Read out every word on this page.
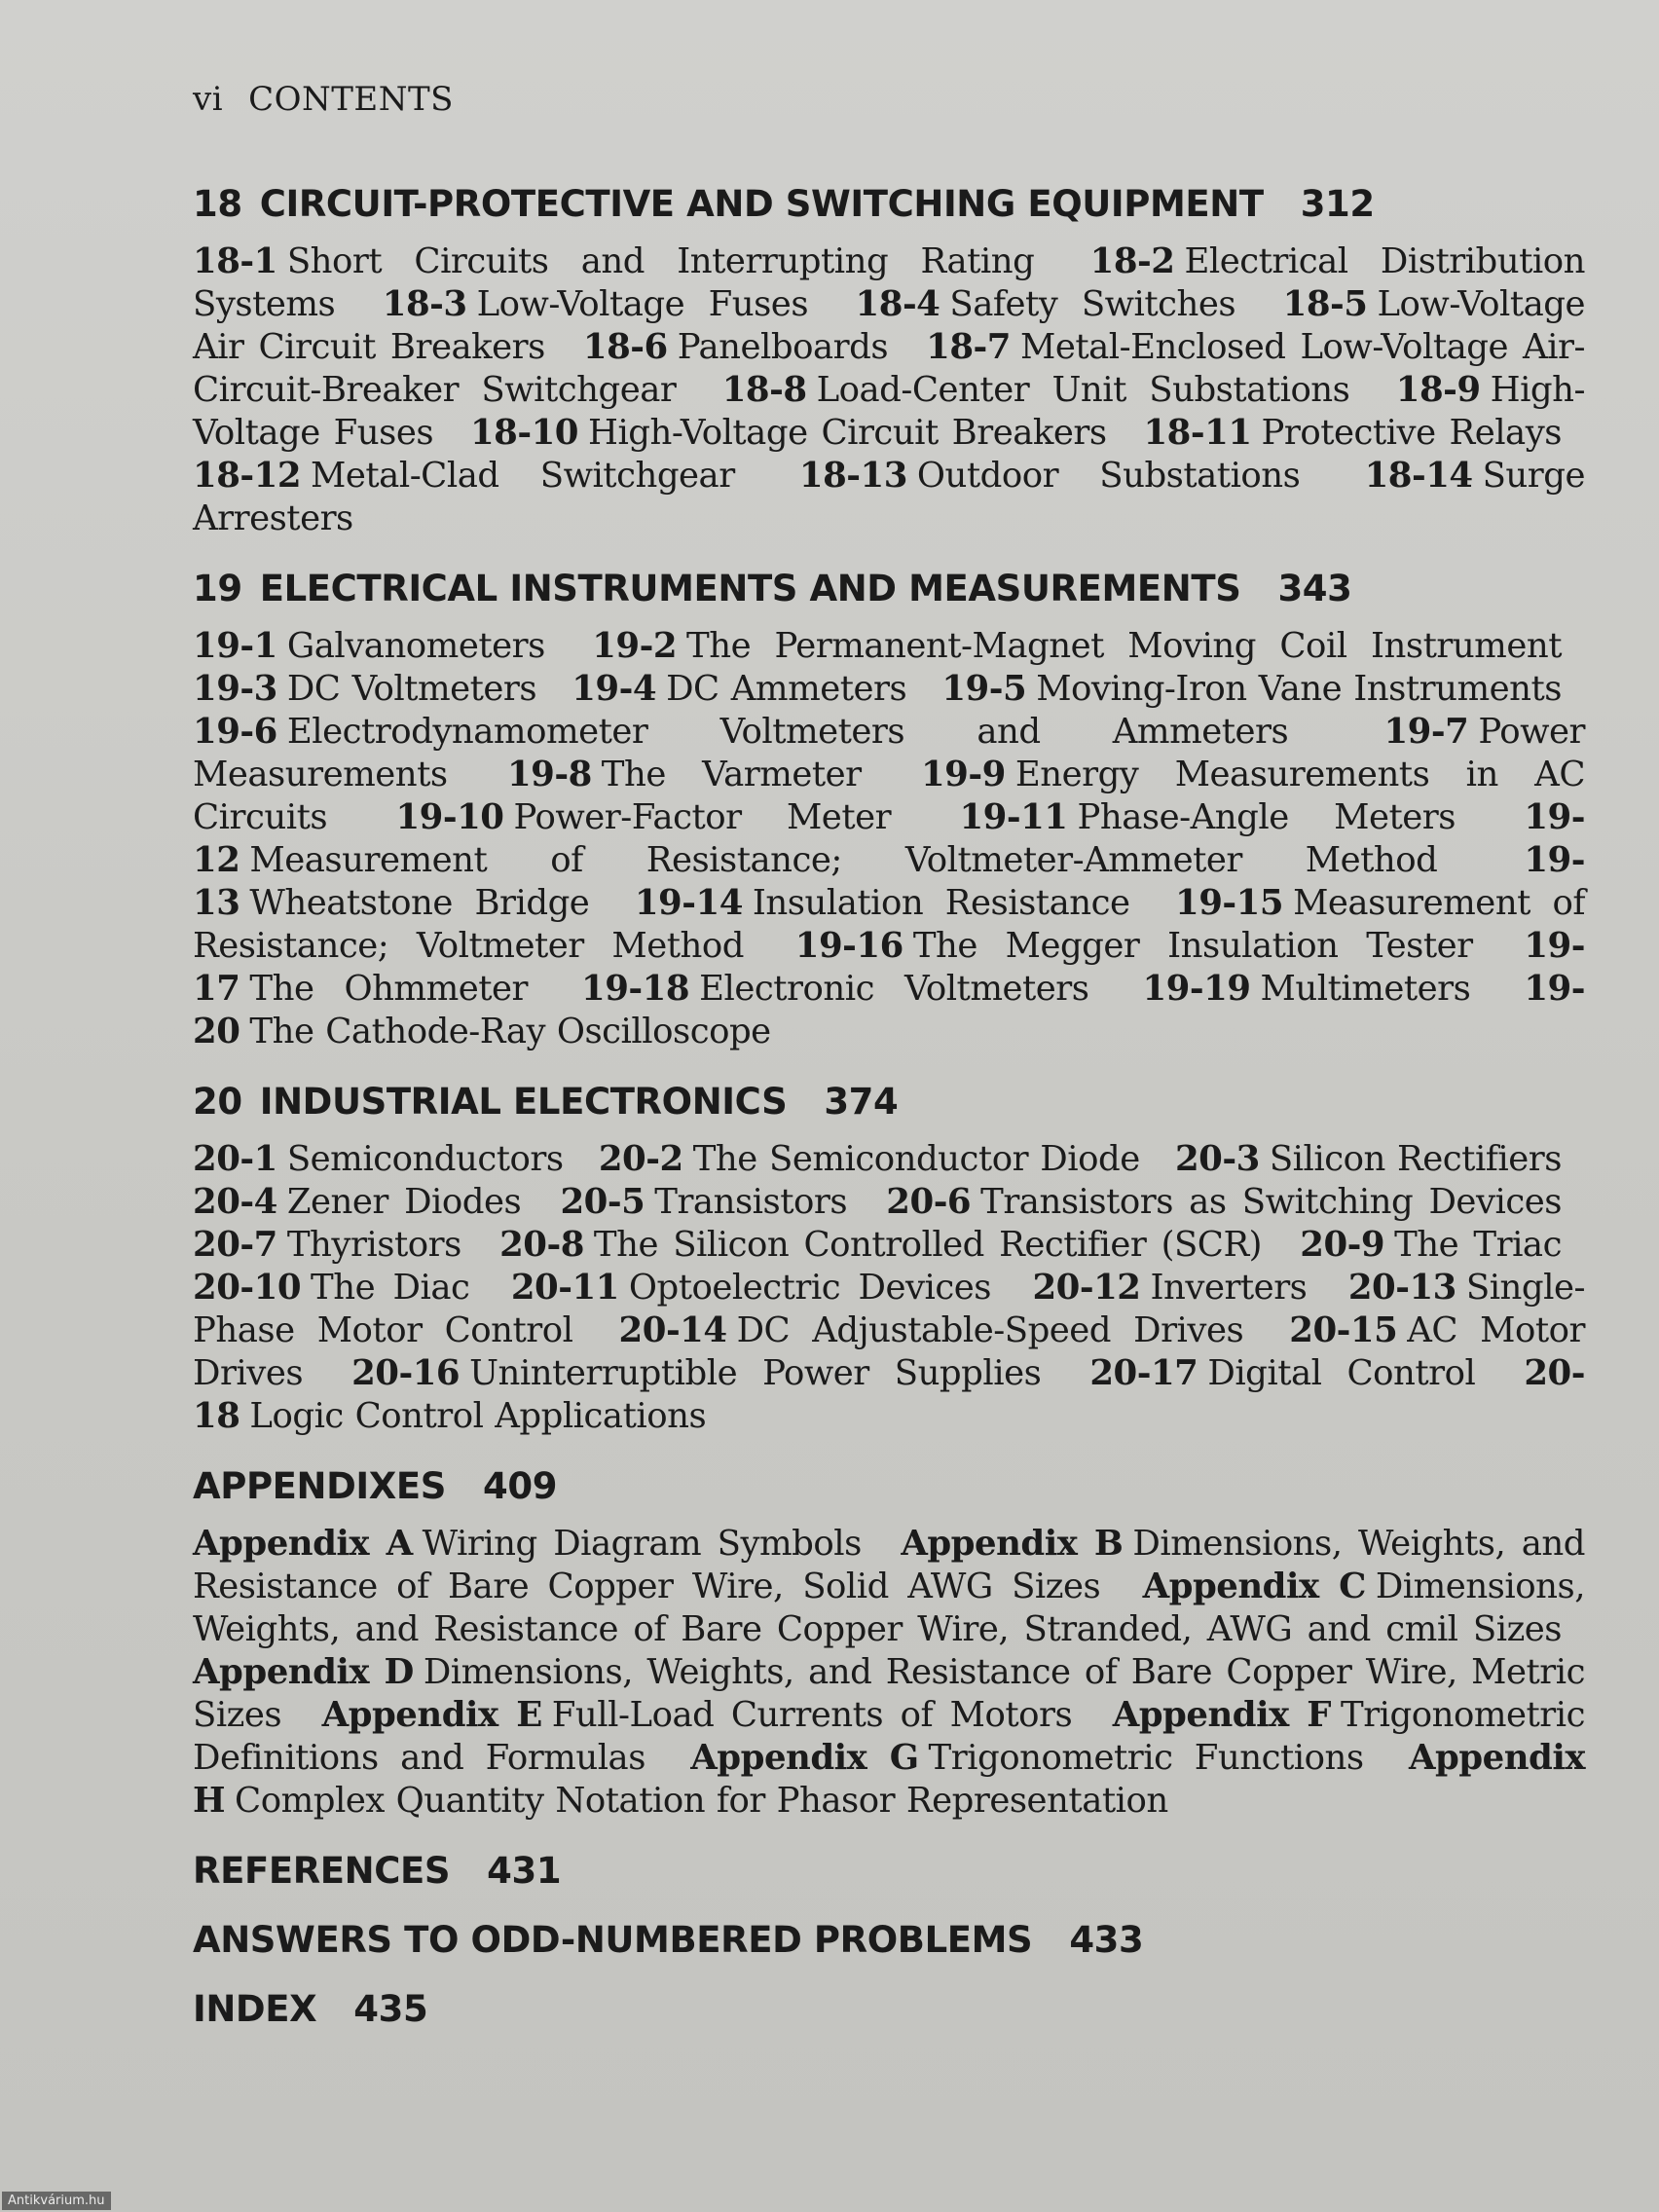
vi CONTENTS
18 CIRCUIT-PROTECTIVE AND SWITCHING EQUIPMENT 312
18-1 Short Circuits and Interrupting Rating 18-2 Electrical Distribution Systems 18-3 Low-Voltage Fuses 18-4 Safety Switches 18-5 Low-Voltage Air Circuit Breakers 18-6 Panelboards 18-7 Metal-Enclosed Low-Voltage Air-Circuit-Breaker Switchgear 18-8 Load-Center Unit Substations 18-9 High-Voltage Fuses 18-10 High-Voltage Circuit Breakers 18-11 Protective Relays 18-12 Metal-Clad Switchgear 18-13 Outdoor Substations 18-14 Surge Arresters
19 ELECTRICAL INSTRUMENTS AND MEASUREMENTS 343
19-1 Galvanometers 19-2 The Permanent-Magnet Moving Coil Instrument 19-3 DC Voltmeters 19-4 DC Ammeters 19-5 Moving-Iron Vane Instruments 19-6 Electrodynamometer Voltmeters and Ammeters	19-7 Power Measurements 19-8 The Varmeter 19-9 Energy Measurements in AC Circuits 19-10 Power-Factor Meter 19-11 Phase-Angle Meters 19-12 Measurement of Resistance; Voltmeter-Ammeter Method	19-13 Wheatstone Bridge 19-14 Insulation Resistance 19-15 Measurement of Resistance; Voltmeter Method 19-16 The Megger Insulation Tester 19-17 The Ohmmeter 19-18 Electronic Voltmeters 19-19 Multimeters 19-20 The Cathode-Ray Oscilloscope
20 INDUSTRIAL ELECTRONICS 374
20-1 Semiconductors 20-2 The Semiconductor Diode 20-3 Silicon Rectifiers 20-4 Zener Diodes 20-5 Transistors 20-6 Transistors as Switching Devices 20-7 Thyristors 20-8 The Silicon Controlled Rectifier (SCR) 20-9 The Triac 20-10 The Diac 20-11 Optoelectric Devices 20-12 Inverters 20-13 Single-Phase Motor Control 20-14 DC Adjustable-Speed Drives 20-15 AC Motor Drives 20-16 Uninterruptible Power Supplies 20-17 Digital Control 20-18 Logic Control Applications
APPENDIXES 409
Appendix A Wiring Diagram Symbols Appendix B Dimensions, Weights, and Resistance of Bare Copper Wire, Solid AWG Sizes Appendix C Dimensions, Weights, and Resistance of Bare Copper Wire, Stranded, AWG and cmil Sizes Appendix D Dimensions, Weights, and Resistance of Bare Copper Wire, Metric Sizes Appendix E Full-Load Currents of Motors Appendix F Trigonometric Definitions and Formulas Appendix G Trigonometric Functions Appendix H Complex Quantity Notation for Phasor Representation
REFERENCES 431
ANSWERS TO ODD-NUMBERED PROBLEMS 433
INDEX 435
Antikvárium.hu
